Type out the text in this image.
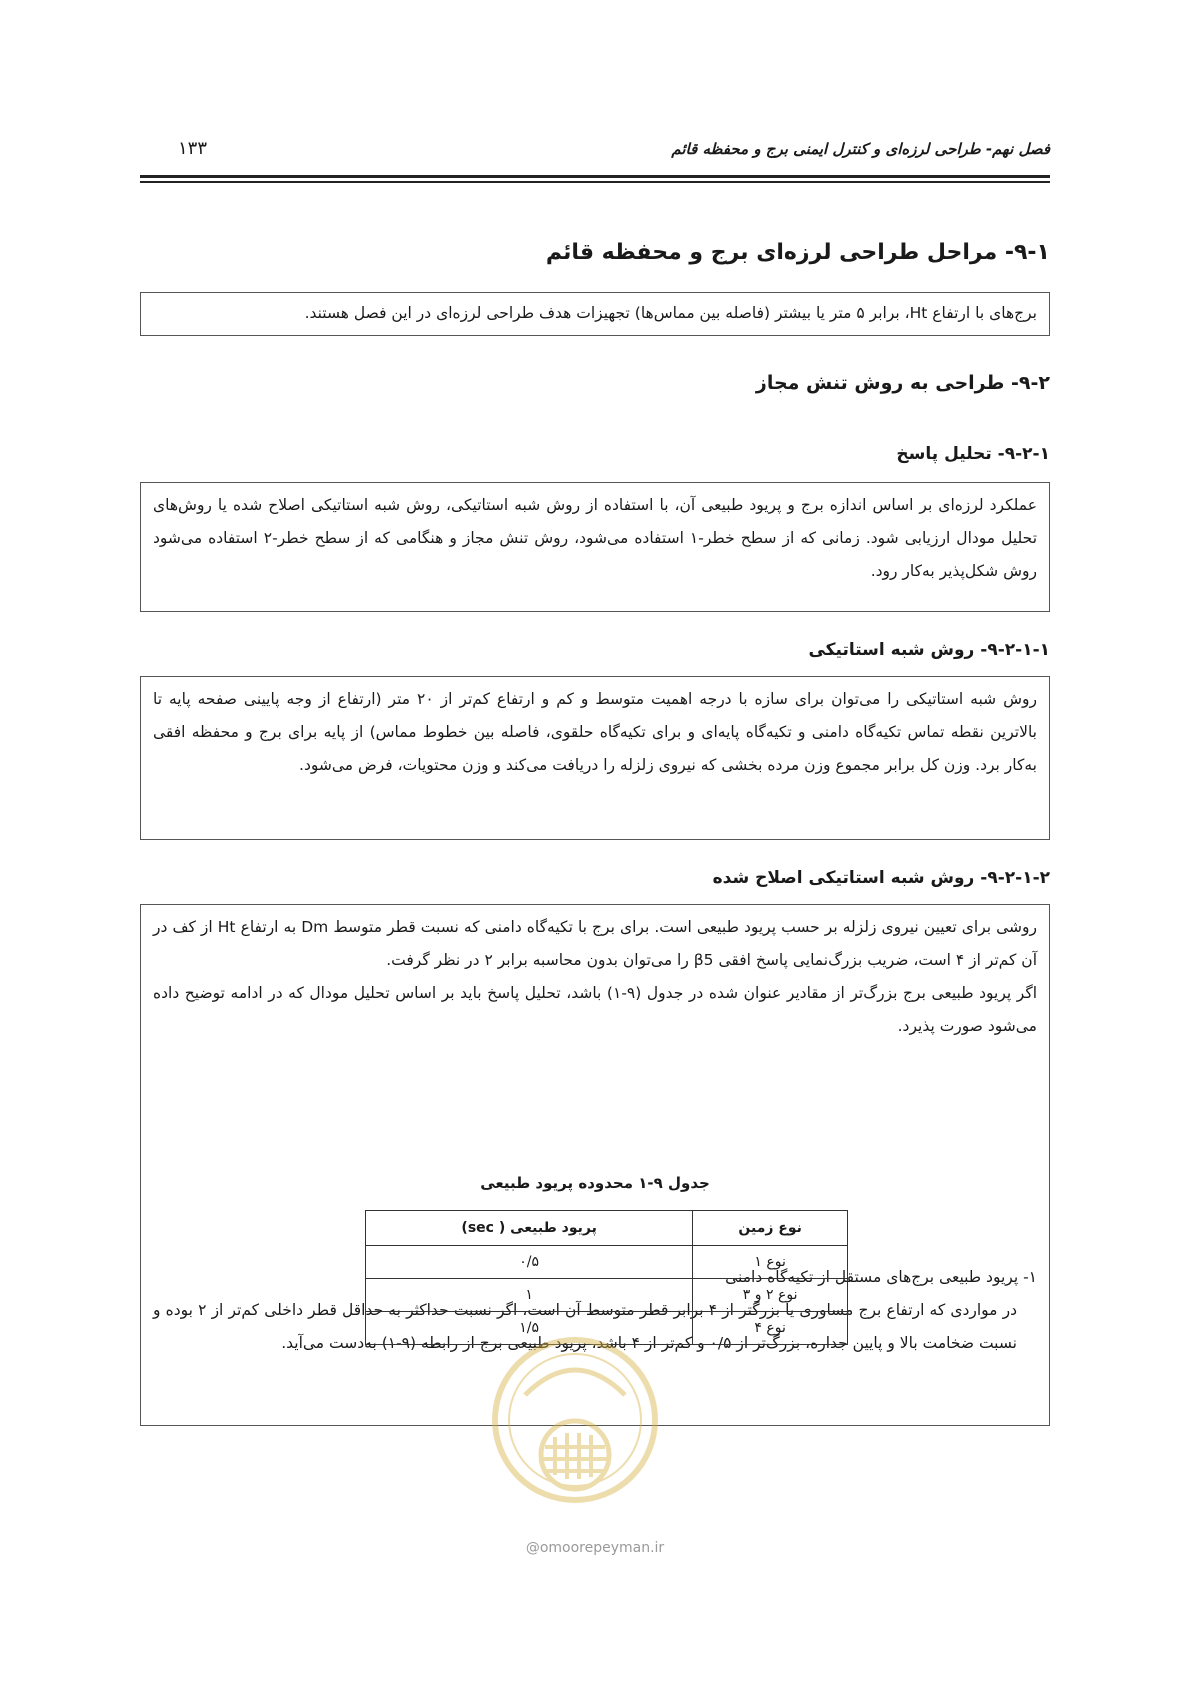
فصل نهم- طراحی لرزه‌ای و کنترل ایمنی برج و محفظه قائم
۱۳۳
۹-۱- مراحل طراحی لرزه‌ای برج و محفظه قائم

برج‌های با ارتفاع Ht، برابر ۵ متر یا بیشتر (فاصله بین مماس‌ها) تجهیزات هدف طراحی لرزه‌ای در این فصل هستند.

۹-۲- طراحی به روش تنش مجاز
۹-۲-۱- تحلیل پاسخ

عملکرد لرزه‌ای بر اساس اندازه برج و پریود طبیعی آن، با استفاده از روش شبه استاتیکی، روش شبه استاتیکی اصلاح شده یا روش‌های تحلیل مودال ارزیابی شود. زمانی که از سطح خطر-۱ استفاده می‌شود، روش تنش مجاز و هنگامی که از سطح خطر-۲ استفاده می‌شود روش شکل‌پذیر به‌کار رود.

۹-۲-۱-۱- روش شبه استاتیکی

روش شبه استاتیکی را می‌توان برای سازه با درجه اهمیت متوسط و کم و ارتفاع کم‌تر از ۲۰ متر (ارتفاع از وجه پایینی صفحه پایه تا بالاترین نقطه تماس تکیه‌گاه دامنی و تکیه‌گاه پایه‌ای و برای تکیه‌گاه حلقوی، فاصله بین خطوط مماس) از پایه برای برج و محفظه افقی به‌کار برد. وزن کل برابر مجموع وزن مرده بخشی که نیروی زلزله را دریافت می‌کند و وزن محتویات، فرض می‌شود.

۹-۲-۱-۲- روش شبه استاتیکی اصلاح شده

روشی برای تعیین نیروی زلزله بر حسب پریود طبیعی است. برای برج با تکیه‌گاه دامنی که نسبت قطر متوسط Dm به ارتفاع Ht از کف در آن کم‌تر از ۴ است، ضریب بزرگ‌نمایی پاسخ افقی β5 را می‌توان بدون محاسبه برابر ۲ در نظر گرفت.

اگر پریود طبیعی برج بزرگ‌تر از مقادیر عنوان شده در جدول (۹-۱) باشد، تحلیل پاسخ باید بر اساس تحلیل مودال که در ادامه توضیح داده می‌شود صورت پذیرد.

۱- پریود طبیعی برج‌های مستقل از تکیه‌گاه دامنی

در مواردی که ارتفاع برج مساوری یا بزرگتر از ۴ برابر قطر متوسط آن است، اگر نسبت حداکثر به حداقل قطر داخلی کم‌تر از ۲ بوده و نسبت ضخامت بالا و پایین جداره، بزرگ‌تر از ۰/۵ و کم‌تر از ۴ باشد، پریود طبیعی برج از رابطه (۹-۱) به‌دست می‌آید.

جدول ۹-۱ محدوده پریود طبیعی
نوع زمین	پریود طبیعی ( sec)
نوع ۱	۰/۵
نوع ۲ و ۳	۱
نوع ۴	۱/۵
@omoorepeyman.ir
